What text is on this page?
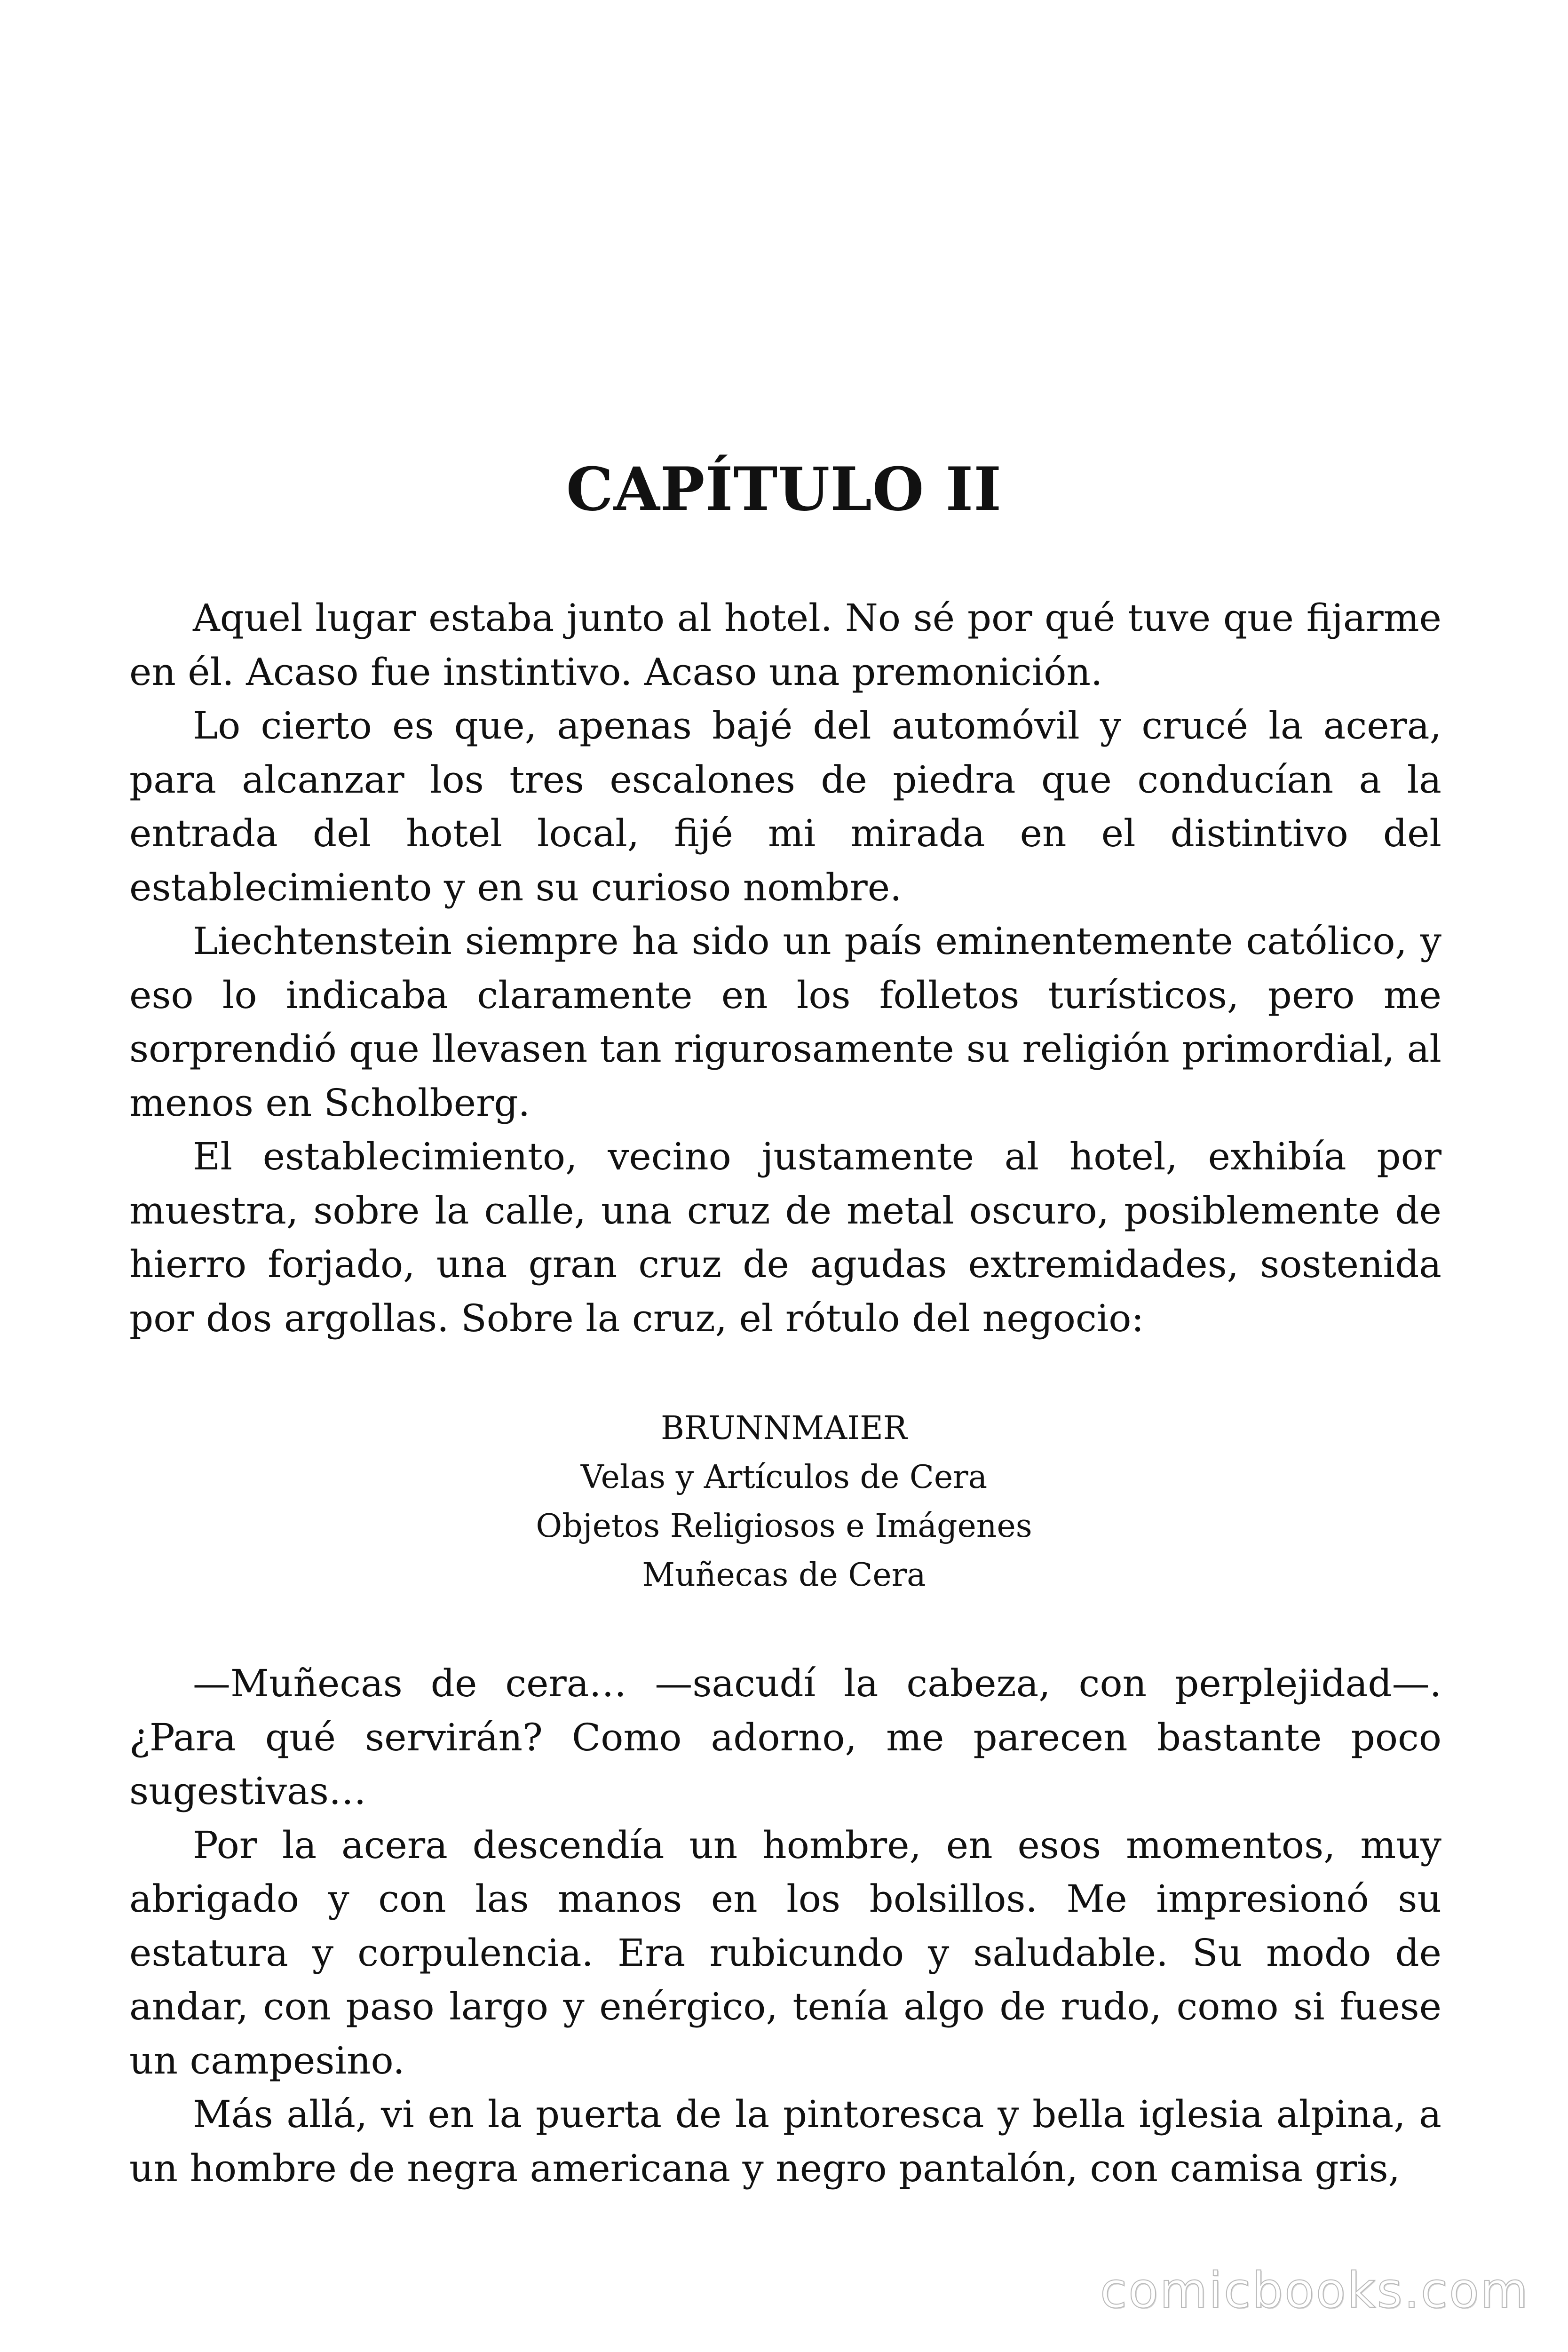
CAPÍTULO II

Aquel lugar estaba junto al hotel. No sé por qué tuve que fijarme en él. Acaso fue instintivo. Acaso una premonición.

Lo cierto es que, apenas bajé del automóvil y crucé la acera, para alcanzar los tres escalones de piedra que conducían a la entrada del hotel local, fijé mi mirada en el distintivo del establecimiento y en su curioso nombre.

Liechtenstein siempre ha sido un país eminentemente católico, y eso lo indicaba claramente en los folletos turísticos, pero me sorprendió que llevasen tan rigurosamente su religión primordial, al menos en Scholberg.

El establecimiento, vecino justamente al hotel, exhibía por muestra, sobre la calle, una cruz de metal oscuro, posiblemente de hierro forjado, una gran cruz de agudas extremidades, sostenida por dos argollas. Sobre la cruz, el rótulo del negocio:

BRUNNMAIER
Velas y Artículos de Cera
Objetos Religiosos e Imágenes
Muñecas de Cera

—Muñecas de cera… —sacudí la cabeza, con perplejidad—. ¿Para qué servirán? Como adorno, me parecen bastante poco sugestivas…

Por la acera descendía un hombre, en esos momentos, muy abrigado y con las manos en los bolsillos. Me impresionó su estatura y corpulencia. Era rubicundo y saludable. Su modo de andar, con paso largo y enérgico, tenía algo de rudo, como si fuese un campesino.

Más allá, vi en la puerta de la pintoresca y bella iglesia alpina, a un hombre de negra americana y negro pantalón, con camisa gris,

comicbooks.com
